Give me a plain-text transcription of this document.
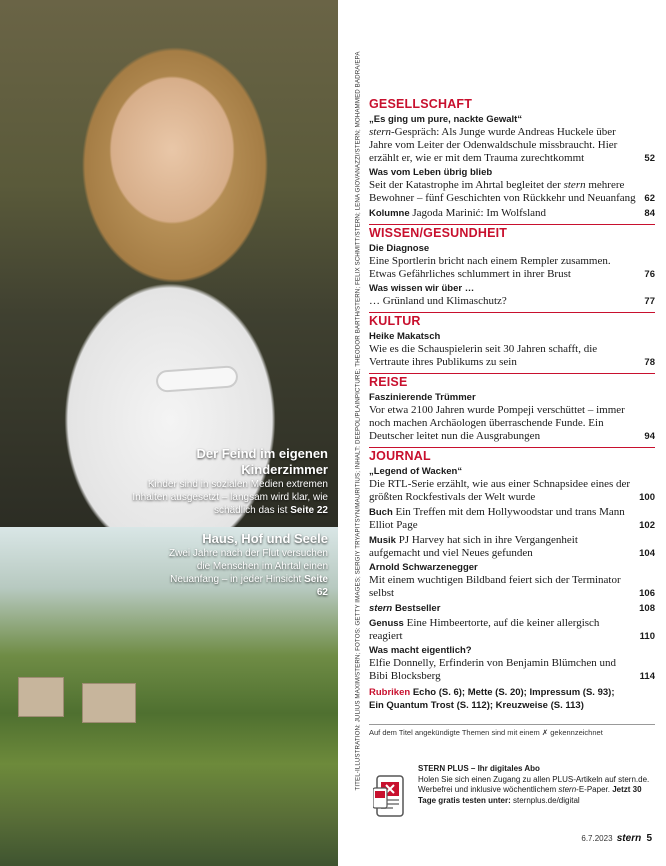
Der Feind im eigenen Kinderzimmer
Kinder sind in sozialen Medien extremen Inhalten ausgesetzt – langsam wird klar, wie schädlich das ist Seite 22
Haus, Hof und Seele
Zwei Jahre nach der Flut versuchen die Menschen im Ahrtal einen Neuanfang – in jeder Hinsicht Seite 62	TITEL-ILLUSTRATION: JULIUS MAXIM/STERN; FOTOS: GETTY IMAGES; SERGIY TRYAPITSYN/MAURITIUS; INHALT: DEEPOL/PLAINPICTURE; THEODOR BARTH/STERN; FELIX SCHMITT/STERN; LENA GIOVANAZZI/STERN; MOHAMMED BADRA/EPA GESELLSCHAFT
„Es ging um pure, nackte Gewalt“
stern-Gespräch: Als Junge wurde Andreas Huckele über Jahre vom Leiter der Odenwaldschule missbraucht. Hier erzählt er, wie er mit dem Trauma zurechtkommt	52
Was vom Leben übrig blieb
Seit der Katastrophe im Ahrtal begleitet der stern mehrere Bewohner – fünf Geschichten von Rückkehr und Neuanfang 62
Kolumne Jagoda Marinić: Im Wolfsland	84
WISSEN/GESUNDHEIT
Die Diagnose
Eine Sportlerin bricht nach einem Rempler zusammen. Etwas Gefährliches schlummert in ihrer Brust	76
Was wissen wir über …
… Grünland und Klimaschutz?	77
KULTUR
Heike Makatsch
Wie es die Schauspielerin seit 30 Jahren schafft, die Vertraute ihres Publikums zu sein	78
REISE
Faszinierende Trümmer
Vor etwa 2100 Jahren wurde Pompeji verschüttet – immer noch machen Archäologen überraschende Funde. Ein Deutscher leitet nun die Ausgrabungen	94
JOURNAL
„Legend of Wacken“
Die RTL-Serie erzählt, wie aus einer Schnapsidee eines der größten Rockfestivals der Welt wurde	100
Buch Ein Treffen mit dem Hollywoodstar und trans Mann Elliot Page	102
Musik PJ Harvey hat sich in ihre Vergangenheit aufgemacht und viel Neues gefunden	104
Arnold Schwarzenegger
Mit einem wuchtigen Bildband feiert sich der Terminator selbst	106
stern Bestseller	108
Genuss Eine Himbeertorte, auf die keiner allergisch reagiert	110
Was macht eigentlich?
Elfie Donnelly, Erfinderin von Benjamin Blümchen und Bibi Blocksberg	114
Rubriken Echo (S. 6); Mette (S. 20); Impressum (S. 93);
Ein Quantum Trost (S. 112); Kreuzweise (S. 113)
Auf dem Titel angekündigte Themen sind mit einem ✗ gekennzeichnet
STERN PLUS – Ihr digitales Abo
Holen Sie sich einen Zugang zu allen PLUS-Artikeln auf stern.de. Werbefrei und inklusive wöchentlichem stern-E-Paper. Jetzt 30 Tage gratis testen unter: sternplus.de/digital
6.7.2023 stern 5
